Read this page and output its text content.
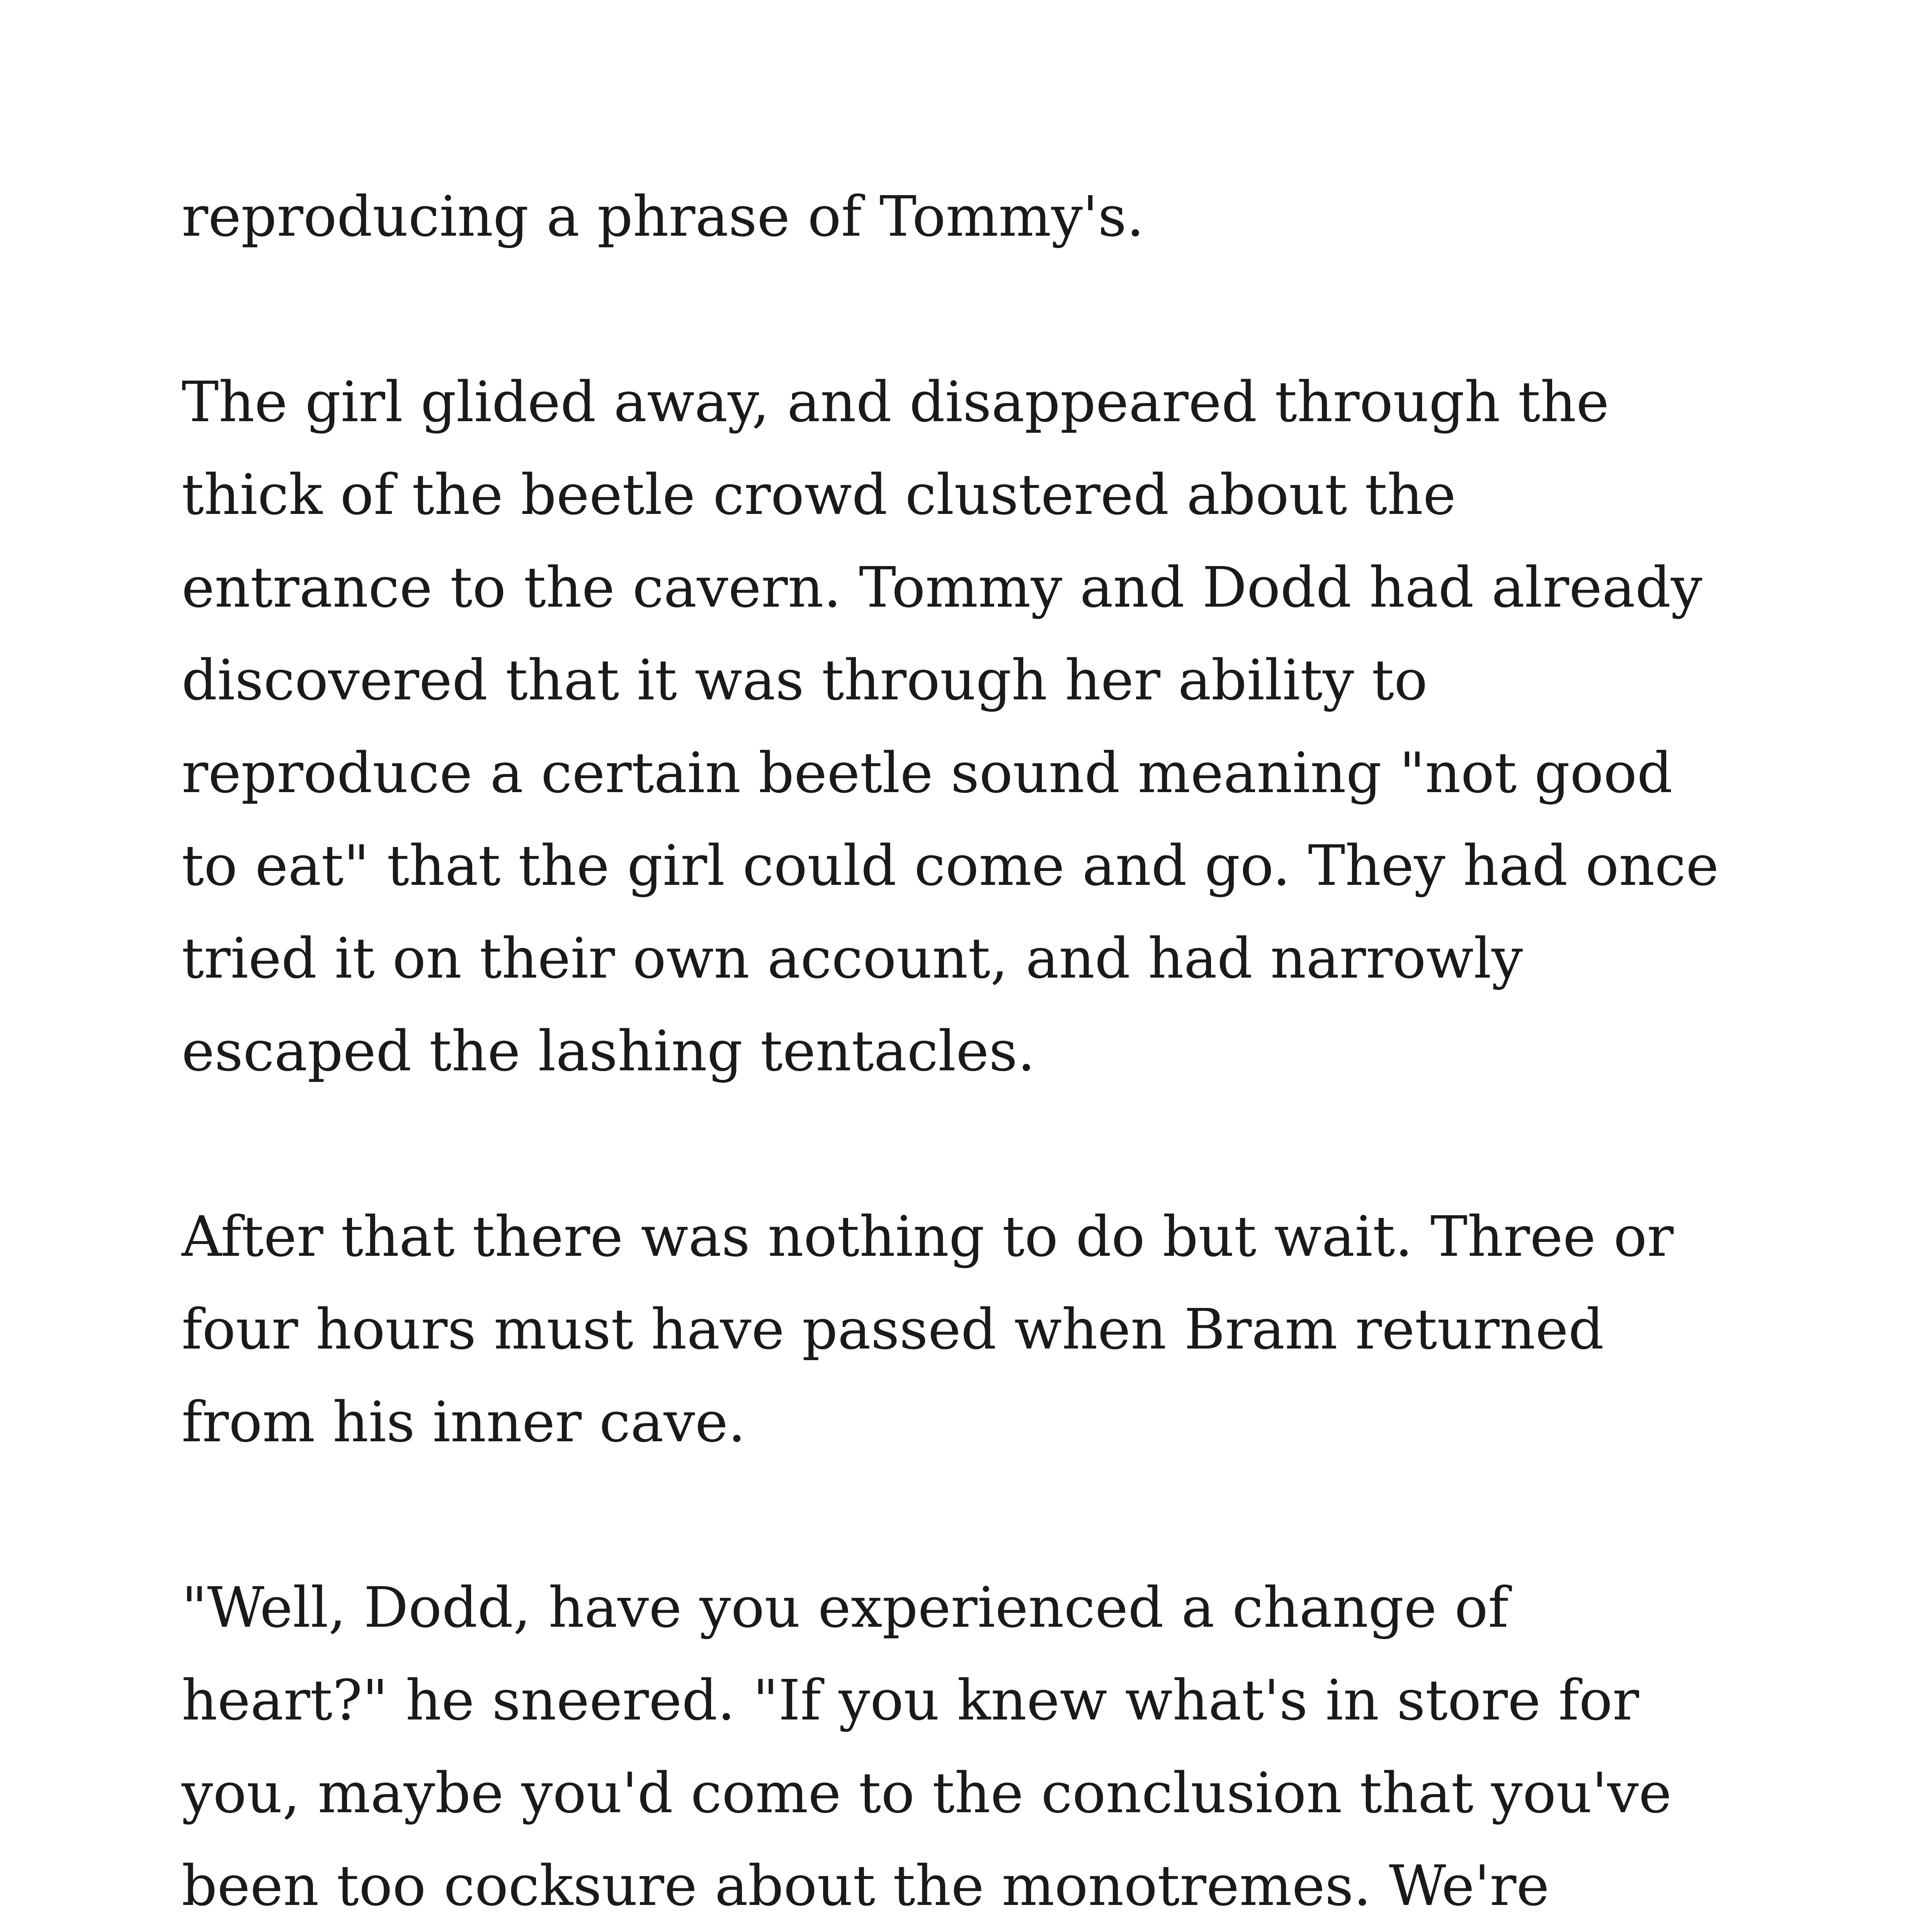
reproducing a phrase of Tommy's.

The girl glided away, and disappeared through the
thick of the beetle crowd clustered about the
entrance to the cavern. Tommy and Dodd had already
discovered that it was through her ability to
reproduce a certain beetle sound meaning "not good
to eat" that the girl could come and go. They had once
tried it on their own account, and had narrowly
escaped the lashing tentacles.

After that there was nothing to do but wait. Three or
four hours must have passed when Bram returned
from his inner cave.

"Well, Dodd, have you experienced a change of
heart?" he sneered. "If you knew what's in store for
you, maybe you'd come to the conclusion that you've
been too cocksure about the monotremes. We're
